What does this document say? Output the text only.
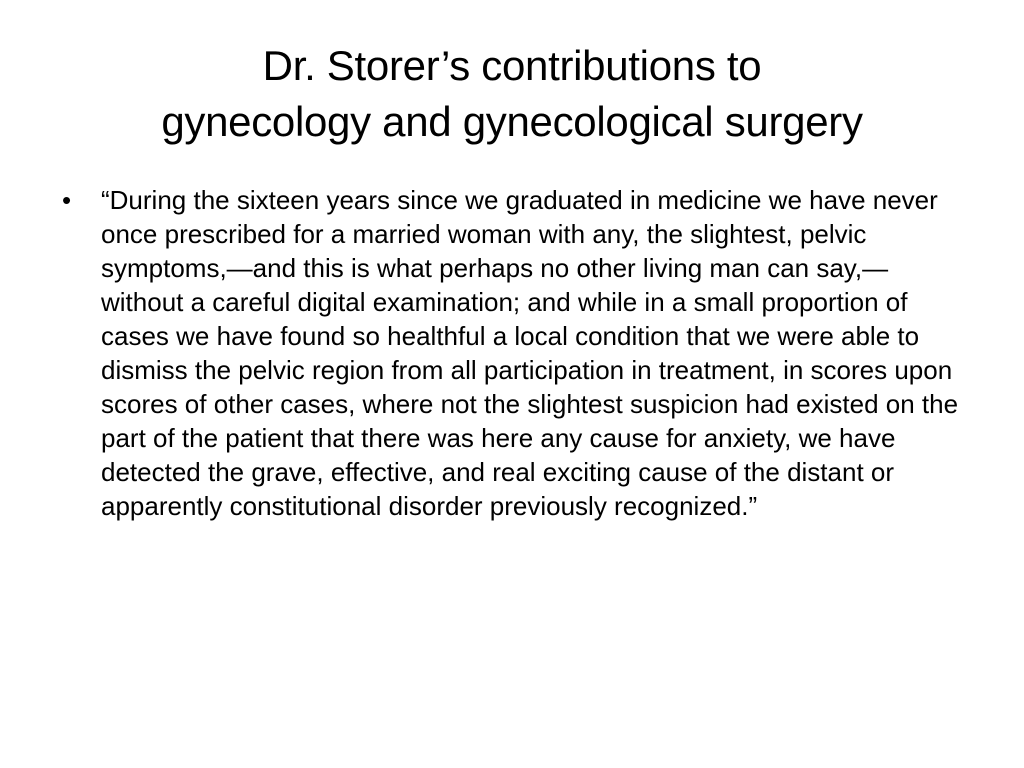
Dr. Storer’s contributions to
gynecology and gynecological surgery
•	“During the sixteen years since we graduated in medicine we have never once prescribed for a married woman with any, the slightest, pelvic symptoms,—and this is what perhaps no other living man can say,—without a careful digital examination; and while in a small proportion of cases we have found so healthful a local condition that we were able to dismiss the pelvic region from all participation in treatment, in scores upon scores of other cases, where not the slightest suspicion had existed on the part of the patient that there was here any cause for anxiety, we have detected the grave, effective, and real exciting cause of the distant or apparently constitutional disorder previously recognized.”
